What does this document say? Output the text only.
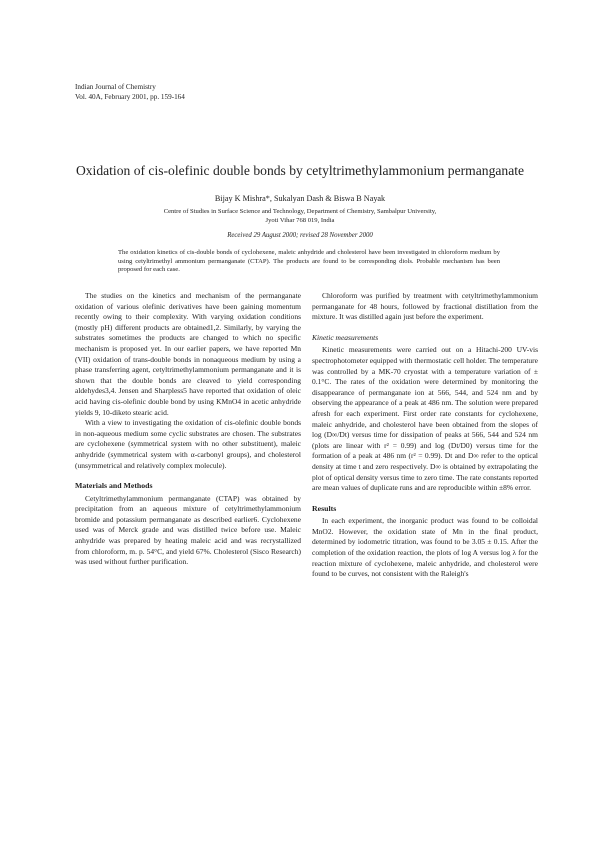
Indian Journal of Chemistry
Vol. 40A, February 2001, pp. 159-164
Oxidation of cis-olefinic double bonds by cetyltrimethylammonium permanganate
Bijay K Mishra*, Sukalyan Dash & Biswa B Nayak
Centre of Studies in Surface Science and Technology, Department of Chemistry, Sambalpur University,
Jyoti Vihar 768 019, India
Received 29 August 2000; revised 28 November 2000
The oxidation kinetics of cis-double bonds of cyclohexene, maleic anhydride and cholesterol have been investigated in chloroform medium by using cetyltrimethyl ammonium permanganate (CTAP). The products are found to be corresponding diols. Probable mechanism has been proposed for each case.

The studies on the kinetics and mechanism of the permanganate oxidation of various olefinic derivatives have been gaining momentum recently owing to their complexity. With varying oxidation conditions (mostly pH) different products are obtained1,2. Similarly, by varying the substrates sometimes the products are changed to which no specific mechanism is proposed yet. In our earlier papers, we have reported Mn (VII) oxidation of trans-double bonds in nonaqueous medium by using a phase transferring agent, cetyltrimethylammonium permanganate and it is shown that the double bonds are cleaved to yield corresponding aldehydes3,4. Jensen and Sharpless5 have reported that oxidation of oleic acid having cis-olefinic double bond by using KMnO4 in acetic anhydride yields 9, 10-diketo stearic acid.

With a view to investigating the oxidation of cis-olefinic double bonds in non-aqueous medium some cyclic substrates are chosen. The substrates are cyclohexene (symmetrical system with no other substituent), maleic anhydride (symmetrical system with α-carbonyl groups), and cholesterol (unsymmetrical and relatively complex molecule).

Materials and Methods

Cetyltrimethylammonium permanganate (CTAP) was obtained by precipitation from an aqueous mixture of cetyltrimethylammonium bromide and potassium permanganate as described earlier6. Cyclohexene used was of Merck grade and was distilled twice before use. Maleic anhydride was prepared by heating maleic acid and was recrystallized from chloroform, m. p. 54°C, and yield 67%. Cholesterol (Sisco Research) was used without further purification.

Chloroform was purified by treatment with cetyltrimethylammonium permanganate for 48 hours, followed by fractional distillation from the mixture. It was distilled again just before the experiment.

Kinetic measurements

Kinetic measurements were carried out on a Hitachi-200 UV-vis spectrophotometer equipped with thermostatic cell holder. The temperature was controlled by a MK-70 cryostat with a temperature variation of ± 0.1°C. The rates of the oxidation were determined by monitoring the disappearance of permanganate ion at 566, 544, and 524 nm and by observing the appearance of a peak at 486 nm. The solution were prepared afresh for each experiment. First order rate constants for cyclohexene, maleic anhydride, and cholesterol have been obtained from the slopes of log (D∞/Dt) versus time for dissipation of peaks at 566, 544 and 524 nm (plots are linear with r² = 0.99) and log (Dt/D0) versus time for the formation of a peak at 486 nm (r² = 0.99). Dt and D∞ refer to the optical density at time t and zero respectively. D∞ is obtained by extrapolating the plot of optical density versus time to zero time. The rate constants reported are mean values of duplicate runs and are reproducible within ±8% error.

Results

In each experiment, the inorganic product was found to be colloidal MnO2. However, the oxidation state of Mn in the final product, determined by iodometric titration, was found to be 3.05 ± 0.15. After the completion of the oxidation reaction, the plots of log A versus log λ for the reaction mixture of cyclohexene, maleic anhydride, and cholesterol were found to be curves, not consistent with the Raleigh's
